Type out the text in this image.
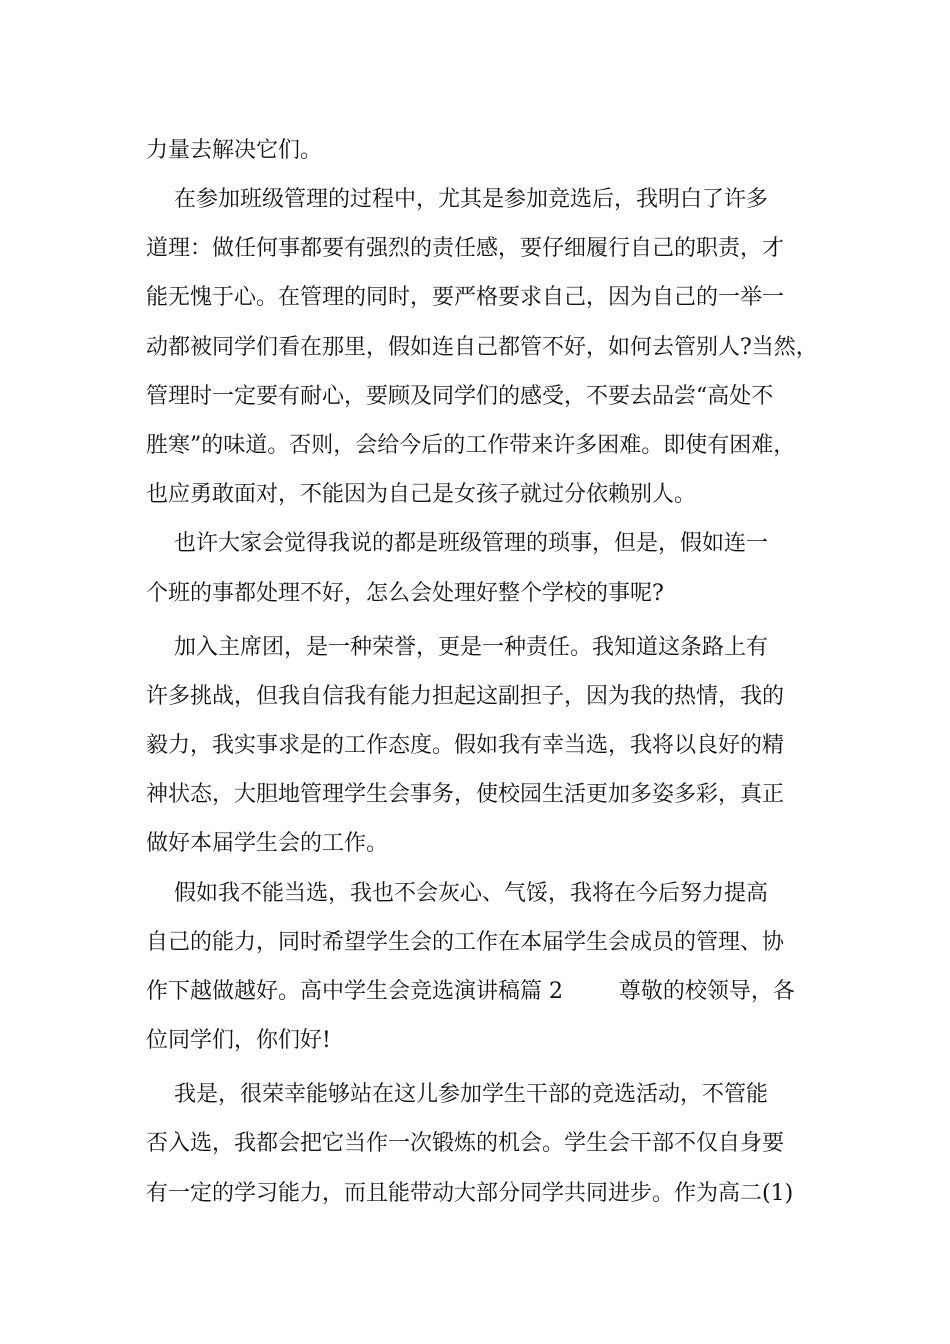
力量去解决它们。
在参加班级管理的过程中，尤其是参加竞选后，我明白了许多
道理：做任何事都要有强烈的责任感，要仔细履行自己的职责，才
能无愧于心。在管理的同时，要严格要求自己，因为自己的一举一
动都被同学们看在那里，假如连自己都管不好，如何去管别人?当然，
管理时一定要有耐心，要顾及同学们的感受，不要去品尝“高处不
胜寒”的味道。否则，会给今后的工作带来许多困难。即使有困难，
也应勇敢面对，不能因为自己是女孩子就过分依赖别人。
也许大家会觉得我说的都是班级管理的琐事，但是，假如连一
个班的事都处理不好，怎么会处理好整个学校的事呢?
加入主席团，是一种荣誉，更是一种责任。我知道这条路上有
许多挑战，但我自信我有能力担起这副担子，因为我的热情，我的
毅力，我实事求是的工作态度。假如我有幸当选，我将以良好的精
神状态，大胆地管理学生会事务，使校园生活更加多姿多彩，真正
做好本届学生会的工作。
假如我不能当选，我也不会灰心、气馁，我将在今后努力提高
自己的能力，同时希望学生会的工作在本届学生会成员的管理、协
作下越做越好。高中学生会竞选演讲稿篇 2        尊敬的校领导，各
位同学们，你们好!
我是，很荣幸能够站在这儿参加学生干部的竞选活动，不管能
否入选，我都会把它当作一次锻炼的机会。学生会干部不仅自身要
有一定的学习能力，而且能带动大部分同学共同进步。作为高二(1)
